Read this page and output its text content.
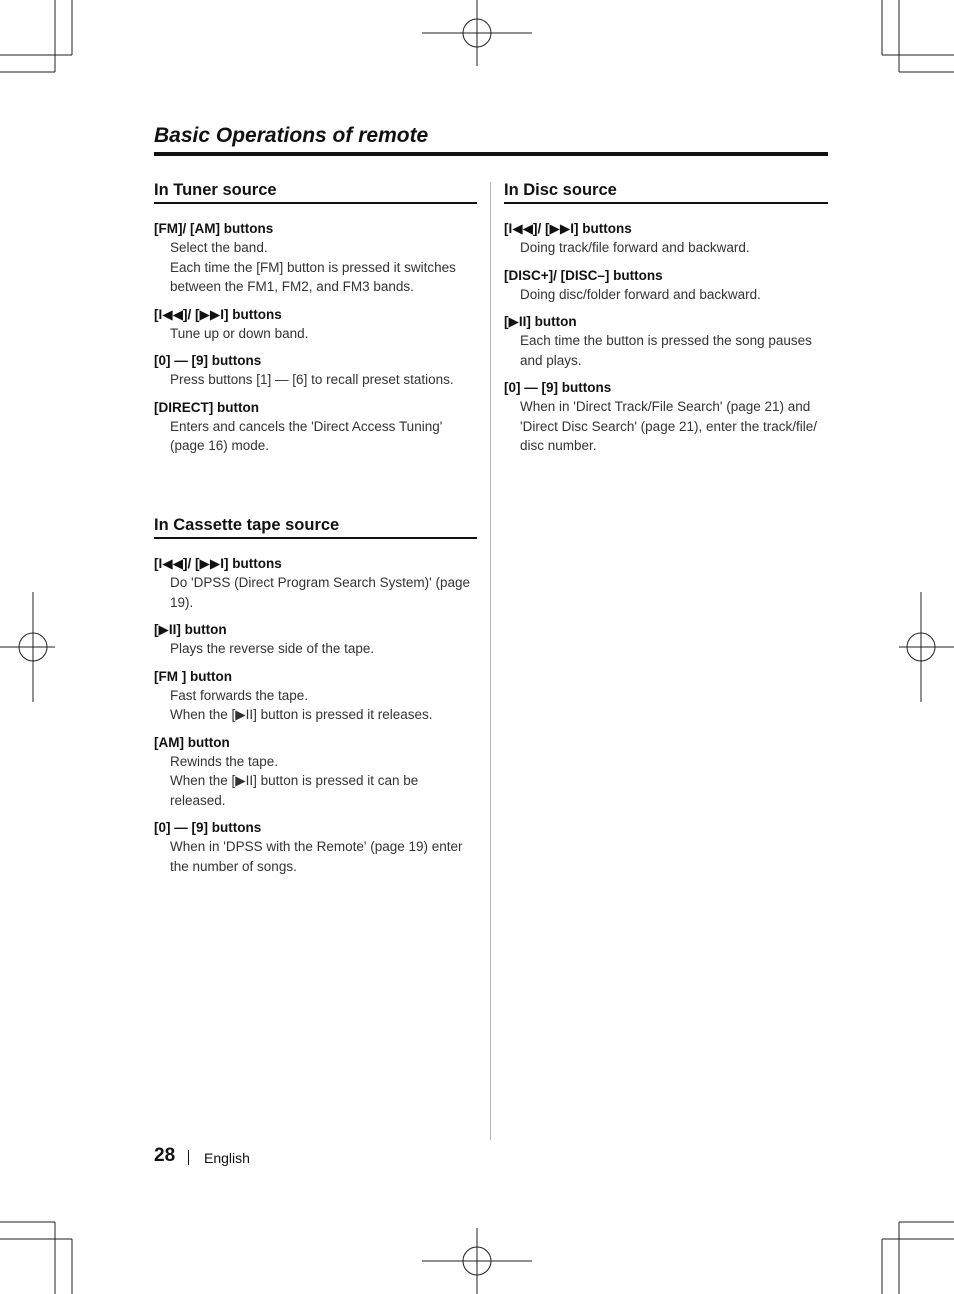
Basic Operations of remote
In Tuner source
[FM]/ [AM] buttons
Select the band.
Each time the [FM] button is pressed it switches
between the FM1, FM2, and FM3 bands.
[I◀◀]/ [▶▶I] buttons
Tune up or down band.
[0] — [9] buttons
Press buttons [1] — [6] to recall preset stations.
[DIRECT] button
Enters and cancels the 'Direct Access Tuning'
(page 16) mode.
In Cassette tape source
[I◀◀]/ [▶▶I] buttons
Do 'DPSS (Direct Program Search System)' (page
19).
[▶II] button
Plays the reverse side of the tape.
[FM ] button
Fast forwards the tape.
When the [▶II] button is pressed it releases.
[AM] button
Rewinds the tape.
When the [▶II] button is pressed it can be
released.
[0] — [9] buttons
When in 'DPSS with the Remote' (page 19) enter
the number of songs.
In Disc source
[I◀◀]/ [▶▶I] buttons
Doing track/file forward and backward.
[DISC+]/ [DISC–] buttons
Doing disc/folder forward and backward.
[▶II] button
Each time the button is pressed the song pauses
and plays.
[0] — [9] buttons
When in 'Direct Track/File Search' (page 21) and
'Direct Disc Search' (page 21), enter the track/file/
disc number.
28 English
